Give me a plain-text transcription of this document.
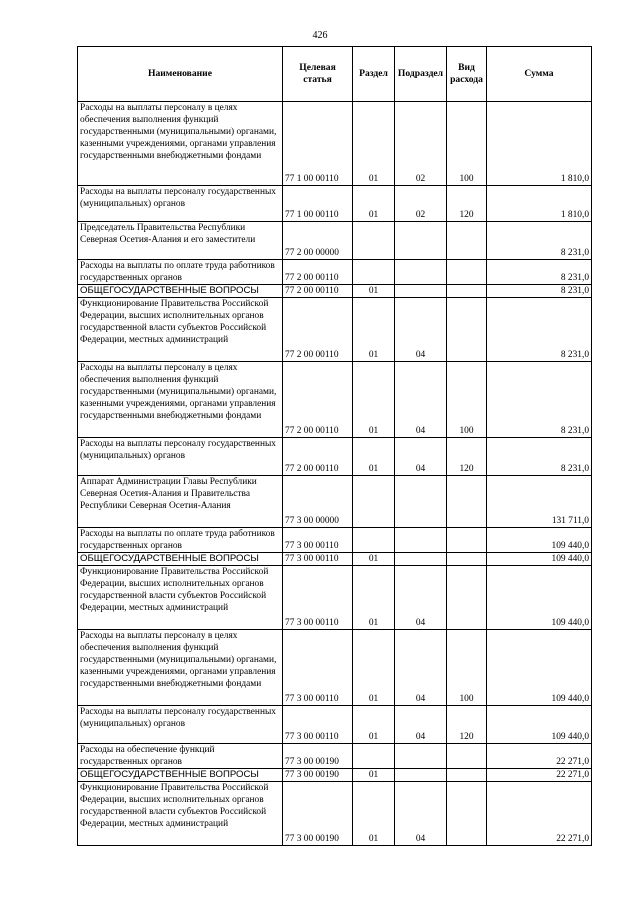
426
Наименование	Целевая статья	Раздел	Подраздел	Вид расхода	Сумма
Расходы на выплаты персоналу в целях обеспечения выполнения функций государственными (муниципальными) органами, казенными учреждениями, органами управления государственными внебюджетными фондами	77 1 00 00110	01	02	100	1 810,0
Расходы на выплаты персоналу государственных (муниципальных) органов	77 1 00 00110	01	02	120	1 810,0
Председатель Правительства Республики Северная Осетия-Алания и его заместители	77 2 00 00000				8 231,0
Расходы на выплаты по оплате труда работников государственных органов	77 2 00 00110				8 231,0
ОБЩЕГОСУДАРСТВЕННЫЕ ВОПРОСЫ	77 2 00 00110	01			8 231,0
Функционирование Правительства Российской Федерации, высших исполнительных органов государственной власти субъектов Российской Федерации, местных администраций	77 2 00 00110	01	04		8 231,0
Расходы на выплаты персоналу в целях обеспечения выполнения функций государственными (муниципальными) органами, казенными учреждениями, органами управления государственными внебюджетными фондами	77 2 00 00110	01	04	100	8 231,0
Расходы на выплаты персоналу государственных (муниципальных) органов	77 2 00 00110	01	04	120	8 231,0
Аппарат Администрации Главы Республики Северная Осетия-Алания и Правительства Республики Северная Осетия-Алания	77 3 00 00000				131 711,0
Расходы на выплаты по оплате труда работников государственных органов	77 3 00 00110				109 440,0
ОБЩЕГОСУДАРСТВЕННЫЕ ВОПРОСЫ	77 3 00 00110	01			109 440,0
Функционирование Правительства Российской Федерации, высших исполнительных органов государственной власти субъектов Российской Федерации, местных администраций	77 3 00 00110	01	04		109 440,0
Расходы на выплаты персоналу в целях обеспечения выполнения функций государственными (муниципальными) органами, казенными учреждениями, органами управления государственными внебюджетными фондами	77 3 00 00110	01	04	100	109 440,0
Расходы на выплаты персоналу государственных (муниципальных) органов	77 3 00 00110	01	04	120	109 440,0
Расходы на обеспечение функций государственных органов	77 3 00 00190				22 271,0
ОБЩЕГОСУДАРСТВЕННЫЕ ВОПРОСЫ	77 3 00 00190	01			22 271,0
Функционирование Правительства Российской Федерации, высших исполнительных органов государственной власти субъектов Российской Федерации, местных администраций	77 3 00 00190	01	04		22 271,0
